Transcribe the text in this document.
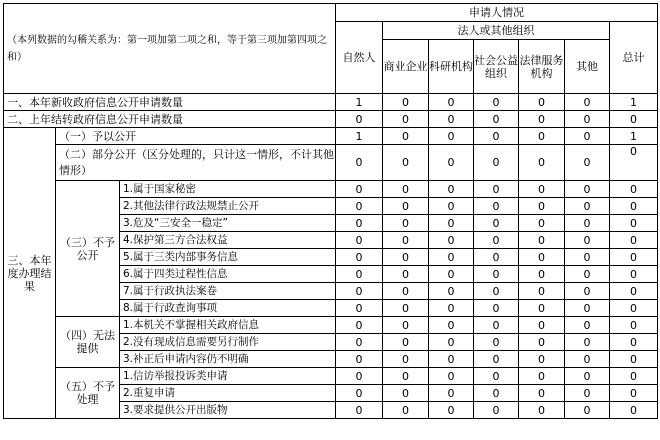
（本列数据的勾稽关系为：第一项加第二项之和，等于第三项加第四项之和）			申请人情况						
			自然人	法人或其他组织					总计
				商业企业	科研机构	社会公益组织	法律服务机构	其他	
一、本年新收政府信息公开申请数量			1	0	0	0	0	0	1
二、上年结转政府信息公开申请数量			0	0	0	0	0	0	0
三、本年度办理结果	（一）予以公开		1	0	0	0	0	0	1
	（二）部分公开（区分处理的，只计这一情形，不计其他情形）		0	0	0	0	0	0	0
	（三）不予公开	1.属于国家秘密	0	0	0	0	0	0	0
		2.其他法律行政法规禁止公开	0	0	0	0	0	0	0
		3.危及“三安全一稳定”	0	0	0	0	0	0	0
		4.保护第三方合法权益	0	0	0	0	0	0	0
		5.属于三类内部事务信息	0	0	0	0	0	0	0
		6.属于四类过程性信息	0	0	0	0	0	0	0
		7.属于行政执法案卷	0	0	0	0	0	0	0
		8.属于行政查询事项	0	0	0	0	0	0	0
	（四）无法提供	1.本机关不掌握相关政府信息	0	0	0	0	0	0	0
		2.没有现成信息需要另行制作	0	0	0	0	0	0	0
		3.补正后申请内容仍不明确	0	0	0	0	0	0	0
	（五）不予处理	1.信访举报投诉类申请	0	0	0	0	0	0	0
		2.重复申请	0	0	0	0	0	0	0
		3.要求提供公开出版物	0	0	0	0	0	0	0
